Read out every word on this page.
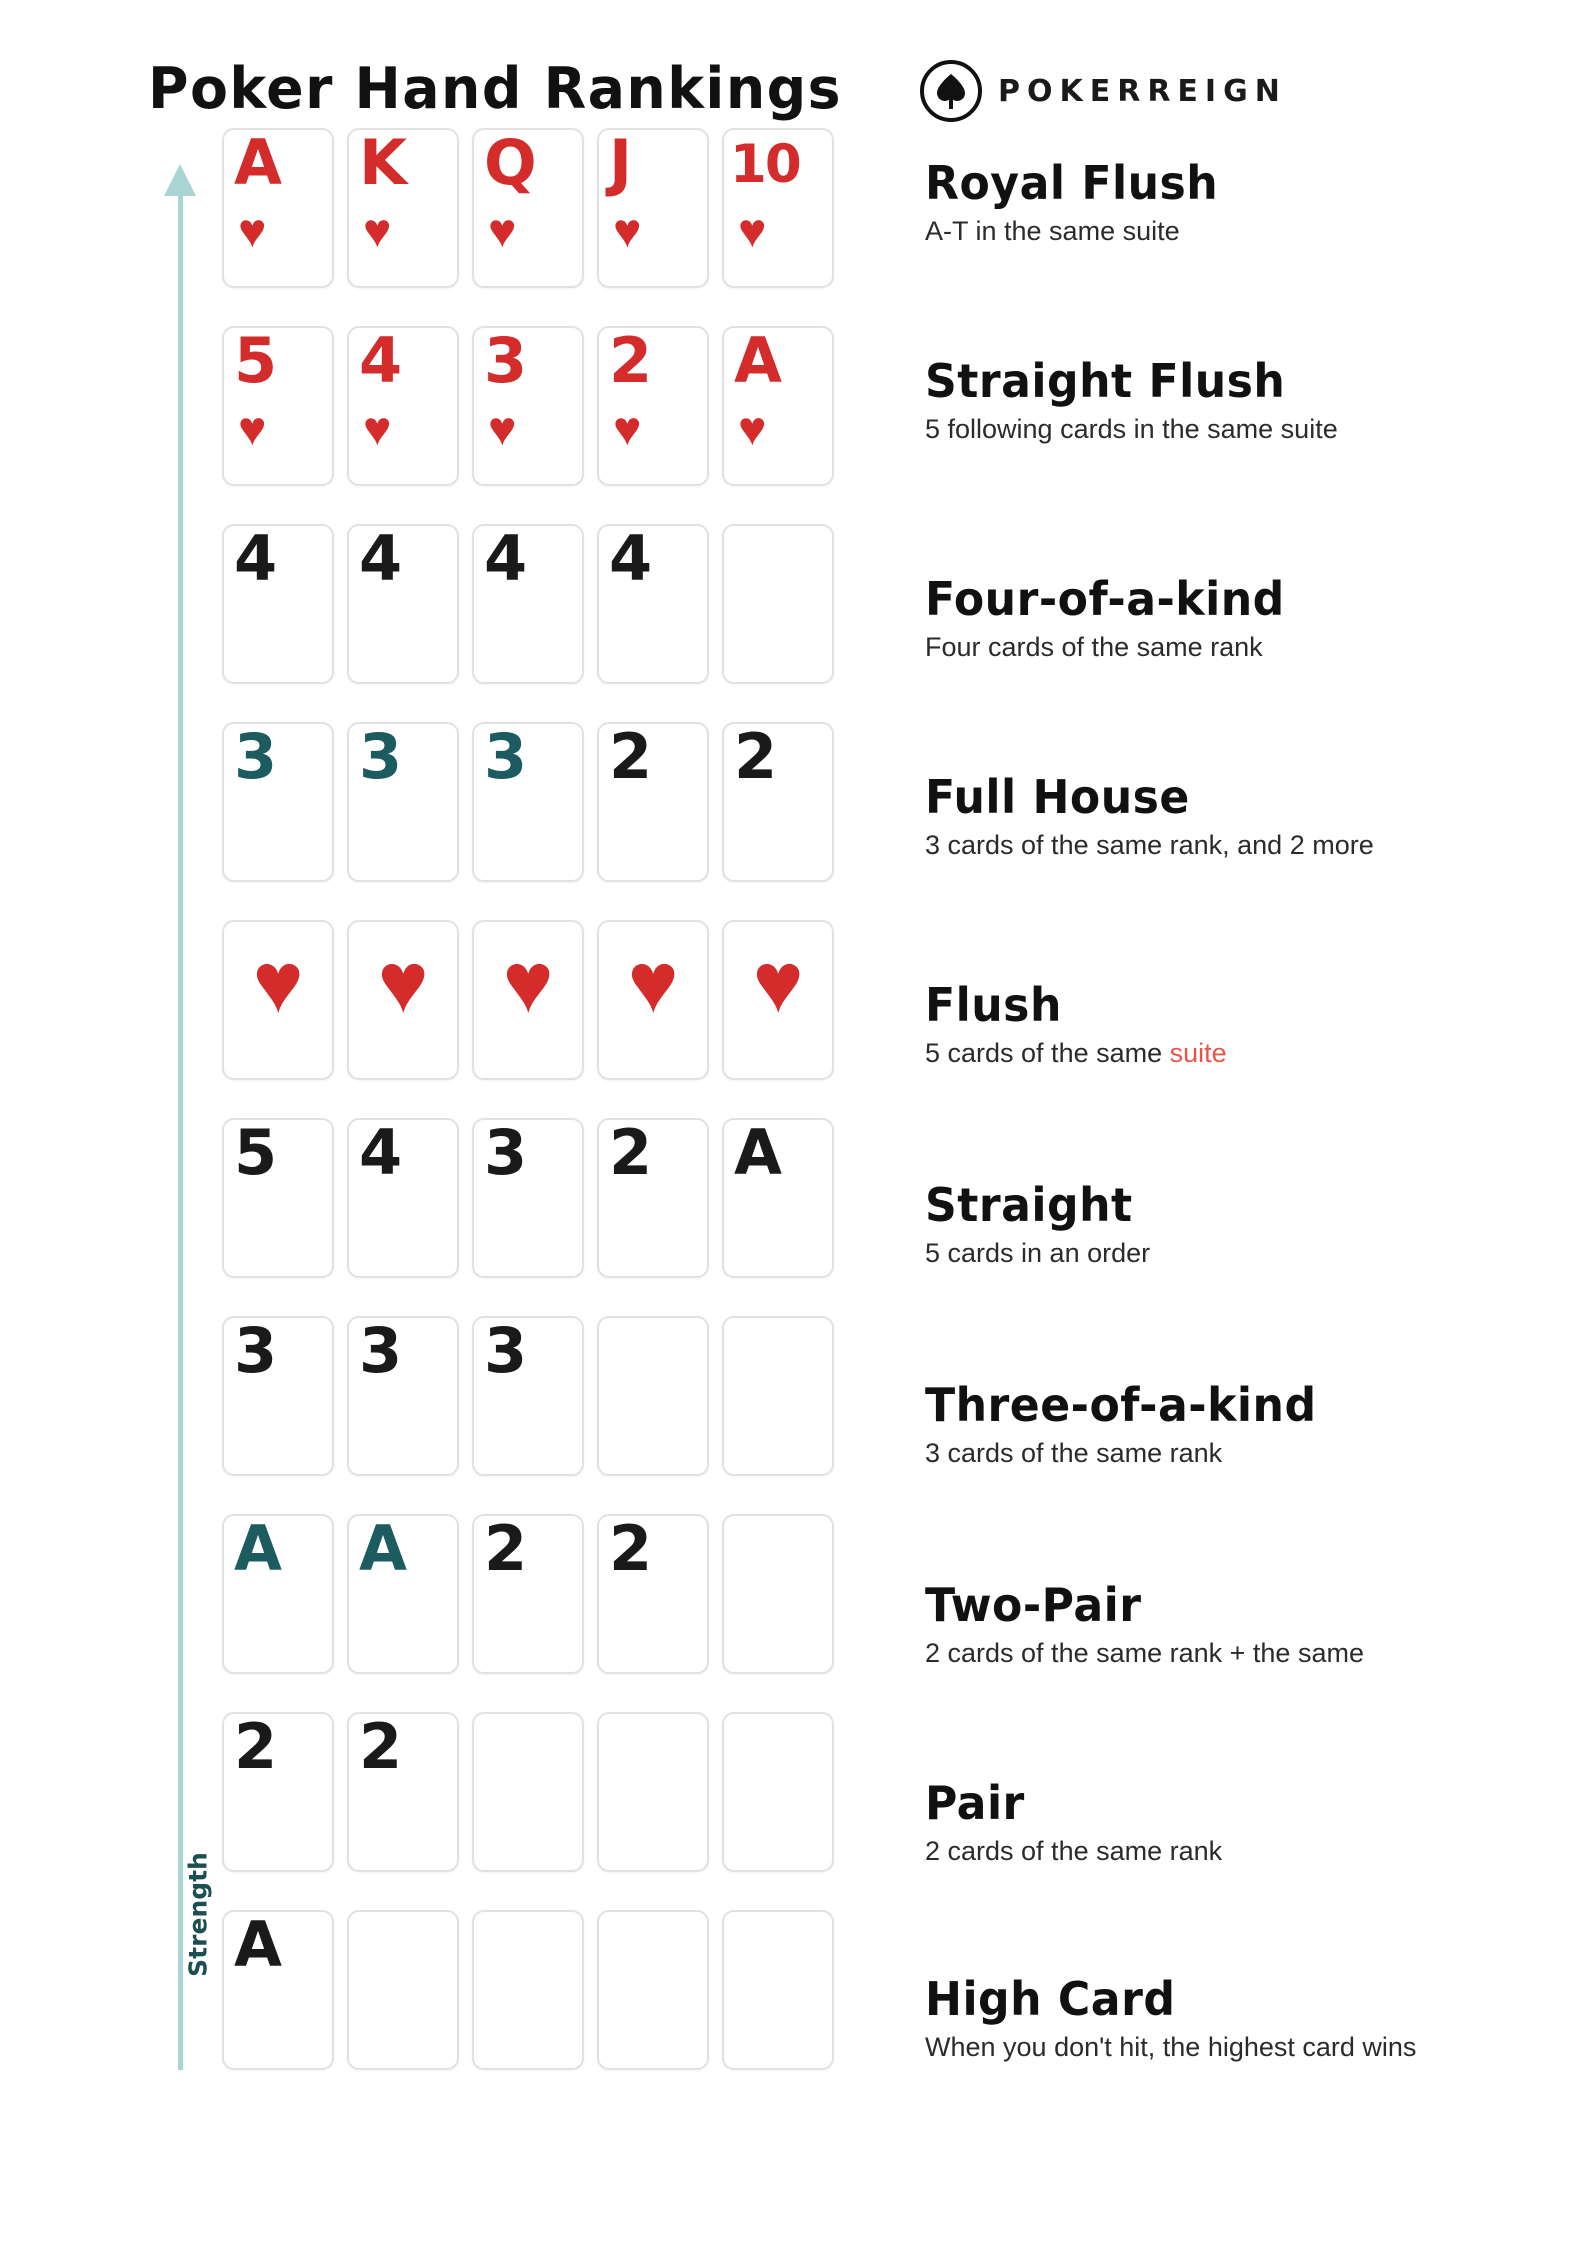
Poker Hand Rankings	POKERREIGN
Strength
A
♥
K
♥
Q
♥
J
♥
10
♥
Royal Flush
A-T in the same suite
5
♥
4
♥
3
♥
2
♥
A
♥
Straight Flush
5 following cards in the same suite
4 4 4 4
Four-of-a-kind
Four cards of the same rank
3 3 3 2 2
Full House
3 cards of the same rank, and 2 more
♥ ♥ ♥ ♥ ♥	Flush
5 cards of the same suite
5 4 3 2 A
Straight
5 cards in an order
3 3 3
Three-of-a-kind
3 cards of the same rank
A A 2 2
Two-Pair
2 cards of the same rank + the same
2 2
Pair
2 cards of the same rank
A
High Card
When you don't hit, the highest card wins
